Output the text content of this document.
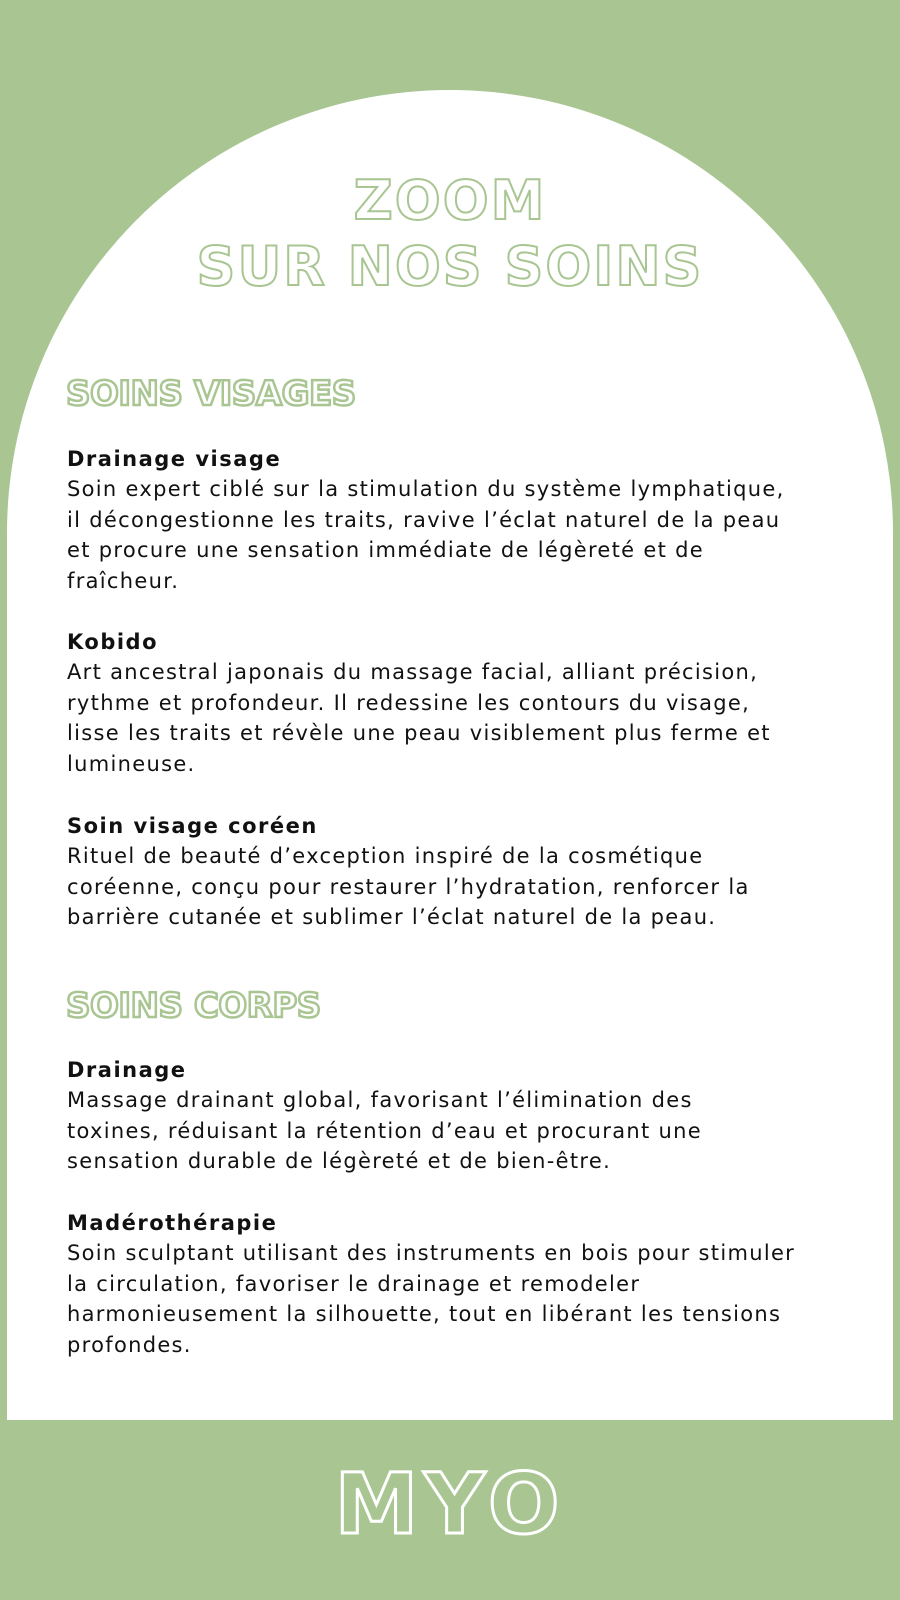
ZOOM
SUR NOS SOINS
SOINS VISAGES

Drainage visage

Soin expert ciblé sur la stimulation du système lymphatique,
il décongestionne les traits, ravive l’éclat naturel de la peau
et procure une sensation immédiate de légèreté et de
fraîcheur.

Kobido

Art ancestral japonais du massage facial, alliant précision,
rythme et profondeur. Il redessine les contours du visage,
lisse les traits et révèle une peau visiblement plus ferme et
lumineuse.

Soin visage coréen

Rituel de beauté d’exception inspiré de la cosmétique
coréenne, conçu pour restaurer l’hydratation, renforcer la
barrière cutanée et sublimer l’éclat naturel de la peau.

SOINS CORPS

Drainage

Massage drainant global, favorisant l’élimination des
toxines, réduisant la rétention d’eau et procurant une
sensation durable de légèreté et de bien-être.

Madérothérapie

Soin sculptant utilisant des instruments en bois pour stimuler
la circulation, favoriser le drainage et remodeler
harmonieusement la silhouette, tout en libérant les tensions
profondes.

MYO
